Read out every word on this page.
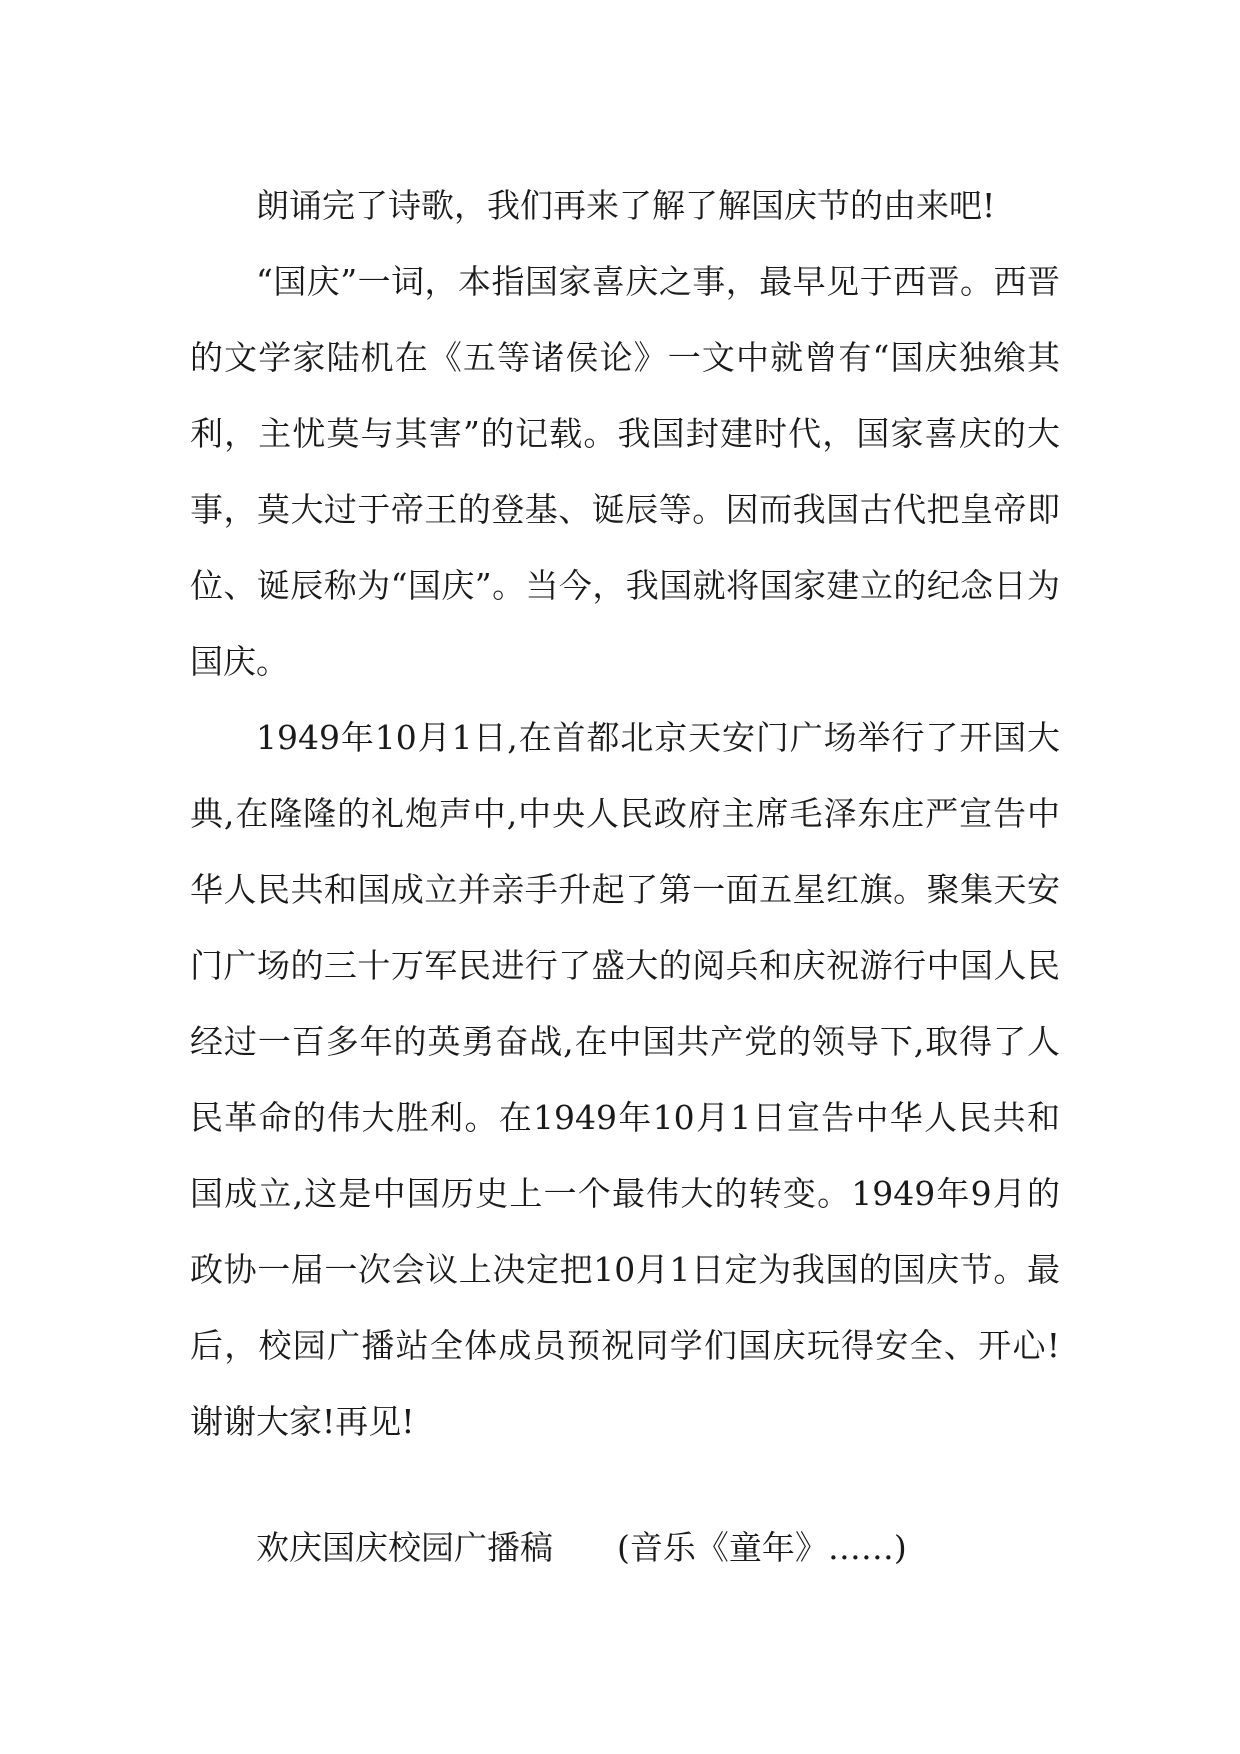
朗诵完了诗歌，我们再来了解了解国庆节的由来吧!

“国庆”一词，本指国家喜庆之事，最早见于西晋。西晋的文学家陆机在《五等诸侯论》一文中就曾有“国庆独飨其利，主忧莫与其害”的记载。我国封建时代，国家喜庆的大事，莫大过于帝王的登基、诞辰等。因而我国古代把皇帝即位、诞辰称为“国庆”。当今，我国就将国家建立的纪念日为国庆。

1949年10月1日,在首都北京天安门广场举行了开国大典,在隆隆的礼炮声中,中央人民政府主席毛泽东庄严宣告中华人民共和国成立并亲手升起了第一面五星红旗。聚集天安门广场的三十万军民进行了盛大的阅兵和庆祝游行中国人民经过一百多年的英勇奋战,在中国共产党的领导下,取得了人民革命的伟大胜利。在1949年10月1日宣告中华人民共和国成立,这是中国历史上一个最伟大的转变。1949年9月的政协一届一次会议上决定把10月1日定为我国的国庆节。最后，校园广播站全体成员预祝同学们国庆玩得安全、开心!谢谢大家!再见!

欢庆国庆校园广播稿 (音乐《童年》……)
